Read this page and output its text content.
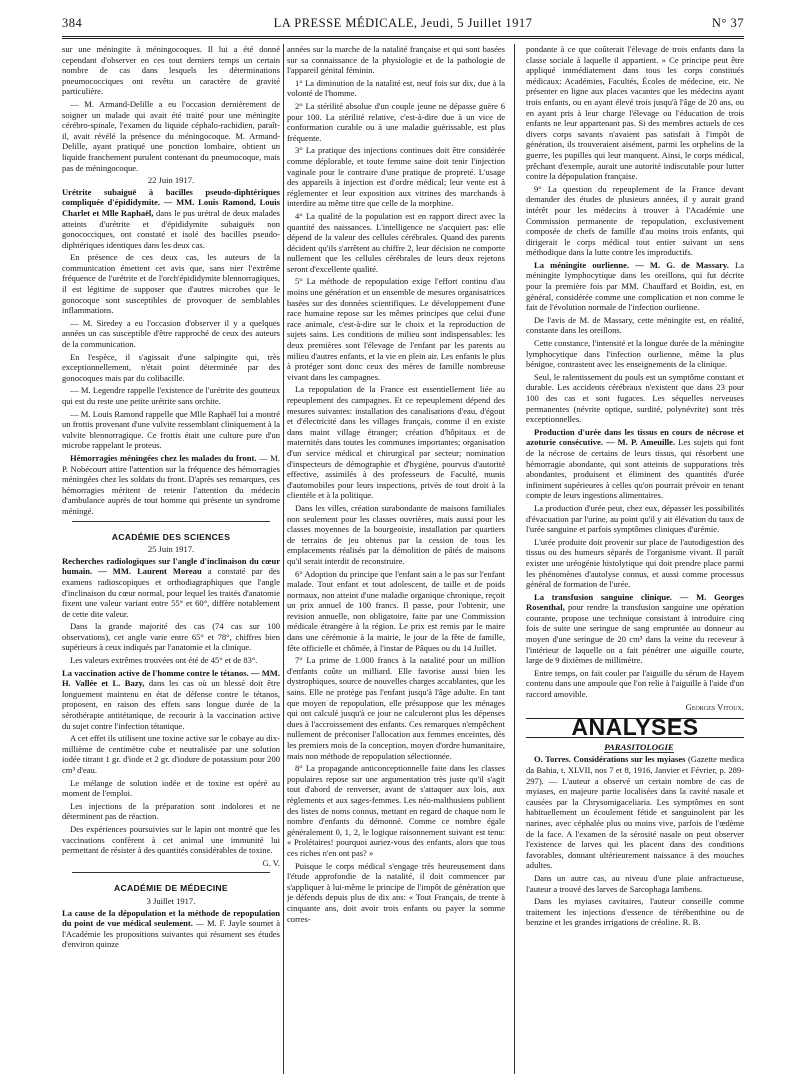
384	LA PRESSE MÉDICALE, Jeudi, 5 Juillet 1917	N° 37

sur une méningite à méningocoques. Il lui a été donné cependant d'observer en ces tout derniers temps un certain nombre de cas dans lesquels les déterminations pneumococciques ont revêtu un caractère de gravité particulière.

— M. Armand-Delille a eu l'occasion dernièrement de soigner un malade qui avait été traité pour une méningite cérébro-spinale, l'examen du liquide céphalo-rachidien, paraît-il, avait révélé la présence du méningocoque. M. Armand-Delille, ayant pratiqué une ponction lombaire, obtient un liquide franchement purulent contenant du pneumocoque, mais pas de méningocoque.

22 Juin 1917.

Urétrite subaiguë à bacilles pseudo-diphtériques compliquée d'épididymite. — MM. Louis Ramond, Louis Charlet et Mlle Raphaël, dans le pus urétral de deux malades atteints d'urétrite et d'épididymite subaiguës non gonococciques, ont constaté et isolé des bacilles pseudo-diphtériques identiques dans les deux cas.

En présence de ces deux cas, les auteurs de la communication émettent cet avis que, sans nier l'extrême fréquence de l'urétrite et de l'orch'épididymite blennorragiques, il est légitime de supposer que d'autres microbes que le gonocoque sont susceptibles de provoquer de semblables inflammations.

— M. Siredey a eu l'occasion d'observer il y a quelques années un cas susceptible d'être rapproché de ceux des auteurs de la communication.

En l'espèce, il s'agissait d'une salpingite qui, très exceptionnellement, n'était point déterminée par des gonocoques mais par du colibacille.

— M. Legendre rappelle l'existence de l'urétrite des goutteux qui est du reste une petite urétrite sans orchite.

— M. Louis Ramond rappelle que Mlle Raphaël lui a montré un frottis provenant d'une vulvite ressemblant cliniquement à la vulvite blennorragique. Ce frottis était une culture pure d'un microbe rappelant le proteus.

Hémorragies méningées chez les malades du front. — M. P. Nobécourt attire l'attention sur la fréquence des hémorragies méningées chez les soldats du front. D'après ses remarques, ces hémorragies méritent de retenir l'attention du médecin d'ambulance auprès de tout homme qui présente un syndrome méningé.

ACADÉMIE DES SCIENCES

25 Juin 1917.

Recherches radiologiques sur l'angle d'inclinaison du cœur humain. — MM. Laurent Moreau a constaté par des examens radioscopiques et orthodiagraphiques que l'angle d'inclinaison du cœur normal, pour lequel les traités d'anatomie fixent une valeur variant entre 55° et 60°, diffère notablement de cette dite valeur.

Dans la grande majorité des cas (74 cas sur 100 observations), cet angle varie entre 65° et 78°, chiffres bien supérieurs à ceux indiqués par l'anatomie et la clinique.

Les valeurs extrêmes trouvées ont été de 45° et de 83°.

La vaccination active de l'homme contre le tétanos. — MM. H. Vallée et L. Bazy, dans les cas où un blessé doit être longuement maintenu en état de défense contre le tétanos, proposent, en raison des effets sans longue durée de la sérothérapie antitétanique, de recourir à la vaccination active du sujet contre l'infection tétanique.

A cet effet ils utilisent une toxine active sur le cobaye au dix-millième de centimètre cube et neutralisée par une solution iodée titrant 1 gr. d'iode et 2 gr. d'iodure de potassium pour 200 cm³ d'eau.

Le mélange de solution iodée et de toxine est opéré au moment de l'emploi.

Les injections de la préparation sont indolores et ne déterminent pas de réaction.

Des expériences poursuivies sur le lapin ont montré que les vaccinations confèrent à cet animal une immunité lui permettant de résister à des quantités considérables de toxine.

G. V.

ACADÉMIE DE MÉDECINE

3 Juillet 1917.

La cause de la dépopulation et la méthode de repopulation du point de vue médical seulement. — M. F. Jayle soumet à l'Académie les propositions suivantes qui résument ses études d'environ quinze

années sur la marche de la natalité française et qui sont basées sur sa connaissance de la physiologie et de la pathologie de l'appareil génital féminin.

1° La diminution de la natalité est, neuf fois sur dix, due à la volonté de l'homme.

2° La stérilité absolue d'un couple jeune ne dépasse guère 6 pour 100. La stérilité relative, c'est-à-dire due à un vice de conformation curable ou à une maladie guérissable, est plus fréquente.

3° La pratique des injections continues doit être considérée comme déplorable, et toute femme saine doit tenir l'injection vaginale pour le contraire d'une pratique de propreté. L'usage des appareils à injection est d'ordre médical; leur vente est à réglementer et leur exposition aux vitrines des marchands à interdire au même titre que celle de la morphine.

4° La qualité de la population est en rapport direct avec la quantité des naissances. L'intelligence ne s'acquiert pas: elle dépend de la valeur des cellules cérébrales. Quand des parents décident qu'ils s'arrêtent au chiffre 2, leur décision ne comporte nullement que les cellules cérébrales de leurs deux rejetons seront d'excellente qualité.

5° La méthode de repopulation exige l'effort continu d'au moins une génération et un ensemble de mesures organisatrices basées sur des données scientifiques. Le développement d'une race humaine repose sur les mêmes principes que celui d'une race animale, c'est-à-dire sur le choix et la reproduction de sujets sains. Les conditions de milieu sont indispensables: les deux premières sont l'élevage de l'enfant par les parents au milieu d'autres enfants, et la vie en plein air. Les enfants le plus à protéger sont donc ceux des mères de famille nombreuse vivant dans les campagnes.

La repopulation de la France est essentiellement liée au repeuplement des campagnes. Et ce repeuplement dépend des mesures suivantes: installation des canalisations d'eau, d'égout et d'électricité dans les villages français, comme il en existe dans maint village étranger; création d'hôpitaux et de maternités dans toutes les communes importantes; organisation d'un service médical et chirurgical par secteur; nomination d'inspecteurs de démographie et d'hygiène, pourvus d'autorité effective, assimilés à des professeurs de Faculté, munis d'automobiles pour leurs inspections, privés de tout droit à la clientèle et à la politique.

Dans les villes, création surabondante de maisons familiales non seulement pour les classes ouvrières, mais aussi pour les classes moyennes de la bourgeoisie, installation par quartiers de terrains de jeu obtenus par la cession de tous les emplacements réalisés par la démolition de pâtés de maisons qu'il serait interdit de reconstruire.

6° Adoption du principe que l'enfant sain a le pas sur l'enfant malade. Tout enfant et tout adolescent, de taille et de poids normaux, non atteint d'une maladie organique chronique, reçoit un prix annuel de 100 francs. Il passe, pour l'obtenir, une revision annuelle, non obligatoire, faite par une Commission médicale étrangère à la région. Le prix est remis par le maire dans une cérémonie à la mairie, le jour de la fête de famille, fête officielle et chômée, à l'instar de Pâques ou du 14 Juillet.

7° La prime de 1.000 francs à la natalité pour un million d'enfants coûte un milliard. Elle favorise aussi bien les dystrophiques, source de nouvelles charges accablantes, que les sains. Elle ne protège pas l'enfant jusqu'à l'âge adulte. En tant que moyen de repopulation, elle présuppose que les ménages qui ont calculé jusqu'à ce jour ne calculeront plus les dépenses dues à l'accroissement des enfants. Ces remarques n'empêchent nullement de préconiser l'allocation aux femmes enceintes, dès les premiers mois de la conception, moyen d'ordre humanitaire, mais non méthode de repopulation sélectionnée.

8° La propagande anticonceptionnelle faite dans les classes populaires repose sur une argumentation très juste qu'il s'agit tout d'abord de renverser, avant de s'attaquer aux lois, aux règlements et aux sages-femmes. Les néo-malthusiens publient des listes de noms connus, mettant en regard de chaque nom le nombre d'enfants du démonné. Comme ce nombre égale généralement 0, 1, 2, le logique raisonnement suivant est tenu: « Prolétaires! pourquoi auriez-vous des enfants, alors que tous ces riches n'en ont pas? »

Puisque le corps médical s'engage très heureusement dans l'étude approfondie de la natalité, il doit commencer par s'appliquer à lui-même le principe de l'impôt de génération que je défends depuis plus de dix ans: « Tout Français, de trente à cinquante ans, doit avoir trois enfants ou payer la somme corres-

pondante à ce que coûterait l'élevage de trois enfants dans la classe sociale à laquelle il appartient. » Ce principe peut être appliqué immédiatement dans tous les corps constitués médicaux: Académies, Facultés, Écoles de médecine, etc. Ne présenter en ligne aux places vacantes que les médecins ayant trois enfants, ou en ayant élevé trois jusqu'à l'âge de 20 ans, ou en ayant pris à leur charge l'élevage ou l'éducation de trois enfants ne leur appartenant pas. Si des membres actuels de ces divers corps savants n'avaient pas satisfait à l'impôt de génération, ils trouveraient aisément, parmi les orphelins de la guerre, les pupilles qui leur manquent. Ainsi, le corps médical, prêchant d'exemple, aurait une autorité indiscutable pour lutter contre la dépopulation française.

9° La question du repeuplement de la France devant demander des études de plusieurs années, il y aurait grand intérêt pour les médecins à trouver à l'Académie une Commission permanente de repopulation, exclusivement composée de chefs de famille d'au moins trois enfants, qui dirigerait le corps médical tout entier suivant un sens méthodique dans la lutte contre les improductifs.

La méningite ourlienne. — M. G. de Massary. La méningite lymphocytique dans les oreillons, qui fut décrite pour la première fois par MM. Chauffard et Boidin, est, en général, considérée comme une complication et non comme le fait de l'évolution normale de l'infection ourlienne.

De l'avis de M. de Massary, cette méningite est, en réalité, constante dans les oreillons.

Cette constance, l'intensité et la longue durée de la méningite lymphocytique dans l'infection ourlienne, même la plus bénigne, contrastent avec les enseignements de la clinique.

Seul, le ralentissement du pouls est un symptôme constant et durable. Les accidents cérébraux n'existent que dans 23 pour 100 des cas et sont fugaces. Les séquelles nerveuses permanentes (névrite optique, surdité, polynévrite) sont très exceptionnelles.

Production d'urée dans les tissus en cours de nécrose et azoturie consécutive. — M. P. Ameuille. Les sujets qui font de la nécrose de certains de leurs tissus, qui résorbent une hémorragie abondante, qui sont atteints de suppurations très abondantes, produisent et éliminent des quantités d'urée infiniment supérieures à celles qu'on pourrait prévoir en tenant compte de leurs ingestions alimentaires.

La production d'urée peut, chez eux, dépasser les possibilités d'évacuation par l'urine, au point qu'il y ait élévation du taux de l'urée sanguine et parfois symptômes cliniques d'urémie.

L'urée produite doit provenir sur place de l'autodigestion des tissus ou des humeurs séparés de l'organisme vivant. Il paraît exister une uréogénie histolytique qui doit prendre place parmi les phénomènes d'autolyse connus, et aussi comme processus général de formation de l'urée.

La transfusion sanguine clinique. — M. Georges Rosenthal, pour rendre la transfusion sanguine une opération courante, propose une technique consistant à introduire cinq fois de suite une seringue de sang empruntée au donneur au moyen d'une seringue de 20 cm³ dans la veine du receveur à l'intérieur de laquelle on a fait pénétrer une aiguille courte, large de 9 dixièmes de millimètre.

Entre temps, on fait couler par l'aiguille du sérum de Hayem contenu dans une ampoule que l'on relie à l'aiguille à l'aide d'un raccord amovible.

Georges Vitoux.

ANALYSES

PARASITOLOGIE

O. Torres. Considérations sur les myiases (Gazette medica da Bahia, t. XLVII, nos 7 et 8, 1916, Janvier et Février, p. 289-297). — L'auteur a observé un certain nombre de cas de myiases, en majeure partie localisées dans la cavité nasale et causées par la Chrysomigaceliaria. Les symptômes en sont habituellement un écoulement fétide et sanguinolent par les narines, avec céphalée plus ou moins vive, parfois de l'œdème de la face. A l'examen de la sérosité nasale on peut observer l'existence de larves qui les placent dans des conditions favorables, donnant ultérieurement naissance à des mouches adultes.

Dans un autre cas, au niveau d'une plaie anfractueuse, l'auteur a trouvé des larves de Sarcophaga lambens.

Dans les myiases cavitaires, l'auteur conseille comme traitement les injections d'essence de térébenthine ou de benzine et les grandes irrigations de créoline. R. B.
